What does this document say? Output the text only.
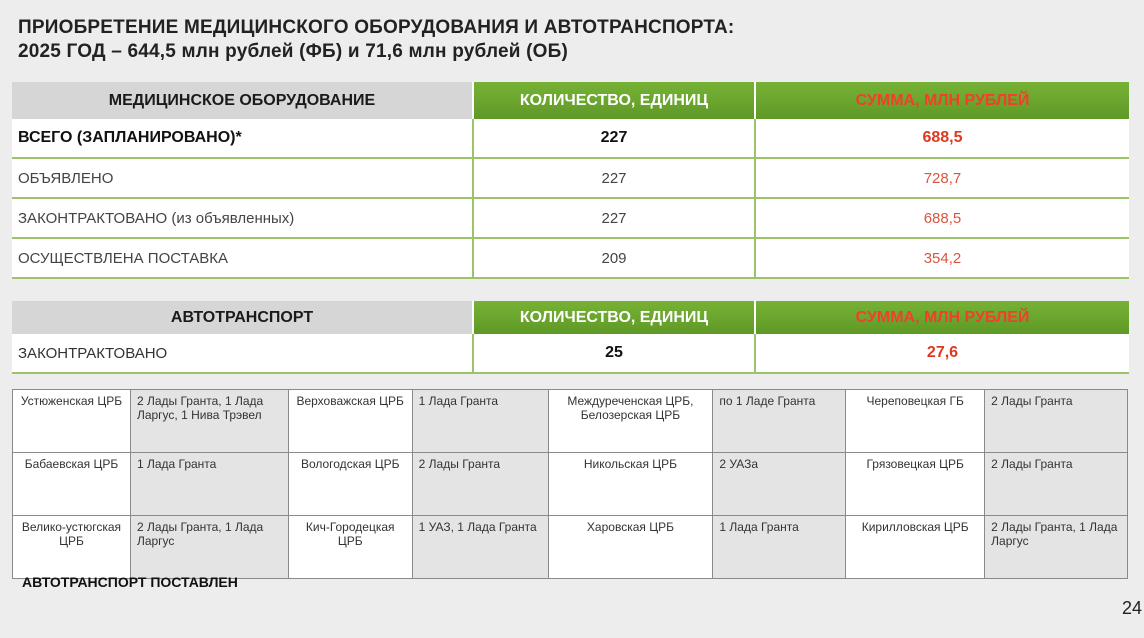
ПРИОБРЕТЕНИЕ МЕДИЦИНСКОГО ОБОРУДОВАНИЯ И АВТОТРАНСПОРТА:
2025 ГОД – 644,5 млн рублей (ФБ) и 71,6 млн рублей (ОБ)
МЕДИЦИНСКОЕ ОБОРУДОВАНИЕ	КОЛИЧЕСТВО, ЕДИНИЦ	СУММА, МЛН РУБЛЕЙ
ВСЕГО (ЗАПЛАНИРОВАНО)*	227	688,5
ОБЪЯВЛЕНО	227	728,7
ЗАКОНТРАКТОВАНО (из объявленных)	227	688,5
ОСУЩЕСТВЛЕНА ПОСТАВКА	209	354,2
АВТОТРАНСПОРТ	КОЛИЧЕСТВО, ЕДИНИЦ	СУММА, МЛН РУБЛЕЙ
ЗАКОНТРАКТОВАНО	25	27,6
Устюженская ЦРБ	2 Лады Гранта, 1 Лада Ларгус, 1 Нива Трэвел	Верховажская ЦРБ	1 Лада Гранта	Междуреченская ЦРБ, Белозерская ЦРБ	по 1 Ладе Гранта	Череповецкая ГБ	2 Лады Гранта
Бабаевская ЦРБ	1 Лада Гранта	Вологодская ЦРБ	2 Лады Гранта	Никольская ЦРБ	2 УАЗа	Грязовецкая ЦРБ	2 Лады Гранта
Велико-устюгская ЦРБ	2 Лады Гранта, 1 Лада Ларгус	Кич-Городецкая ЦРБ	1 УАЗ, 1 Лада Гранта	Харовская ЦРБ	1 Лада Гранта	Кирилловская ЦРБ	2 Лады Гранта, 1 Лада Ларгус
АВТОТРАНСПОРТ ПОСТАВЛЕН
24
